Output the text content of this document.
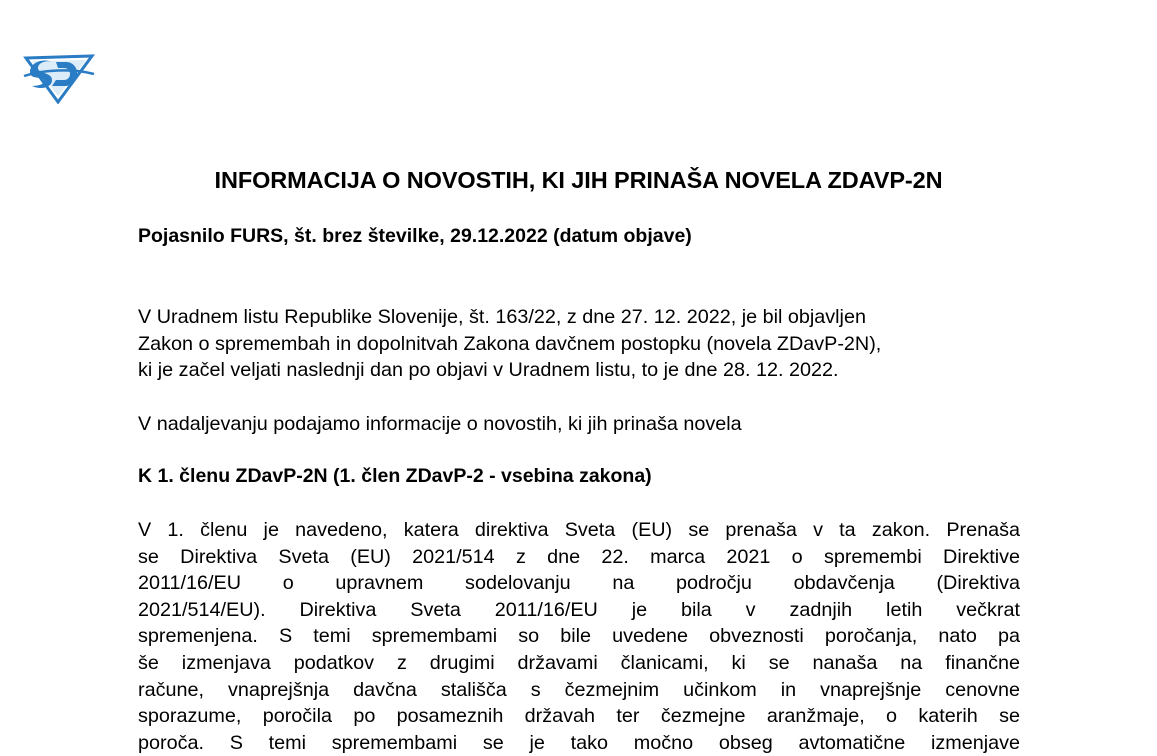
INFORMACIJA O NOVOSTIH, KI JIH PRINAŠA NOVELA ZDAVP-2N
Pojasnilo FURS, št. brez številke, 29.12.2022 (datum objave)
V Uradnem listu Republike Slovenije, št. 163/22, z dne 27. 12. 2022, je bil objavljen
Zakon o spremembah in dopolnitvah Zakona davčnem postopku (novela ZDavP-2N),
ki je začel veljati naslednji dan po objavi v Uradnem listu, to je dne 28. 12. 2022.
V nadaljevanju podajamo informacije o novostih, ki jih prinaša novela
K 1. členu ZDavP-2N (1. člen ZDavP-2 - vsebina zakona)
V 1. členu je navedeno, katera direktiva Sveta (EU) se prenaša v ta zakon. Prenaša
se Direktiva Sveta (EU) 2021/514 z dne 22. marca 2021 o spremembi Direktive
2011/16/EU o upravnem sodelovanju na področju obdavčenja (Direktiva
2021/514/EU). Direktiva Sveta 2011/16/EU je bila v zadnjih letih večkrat
spremenjena. S temi spremembami so bile uvedene obveznosti poročanja, nato pa
še izmenjava podatkov z drugimi državami članicami, ki se nanaša na finančne
račune, vnaprejšnja davčna stališča s čezmejnim učinkom in vnaprejšnje cenovne
sporazume, poročila po posameznih državah ter čezmejne aranžmaje, o katerih se
poroča. S temi spremembami se je tako močno obseg avtomatične izmenjave
